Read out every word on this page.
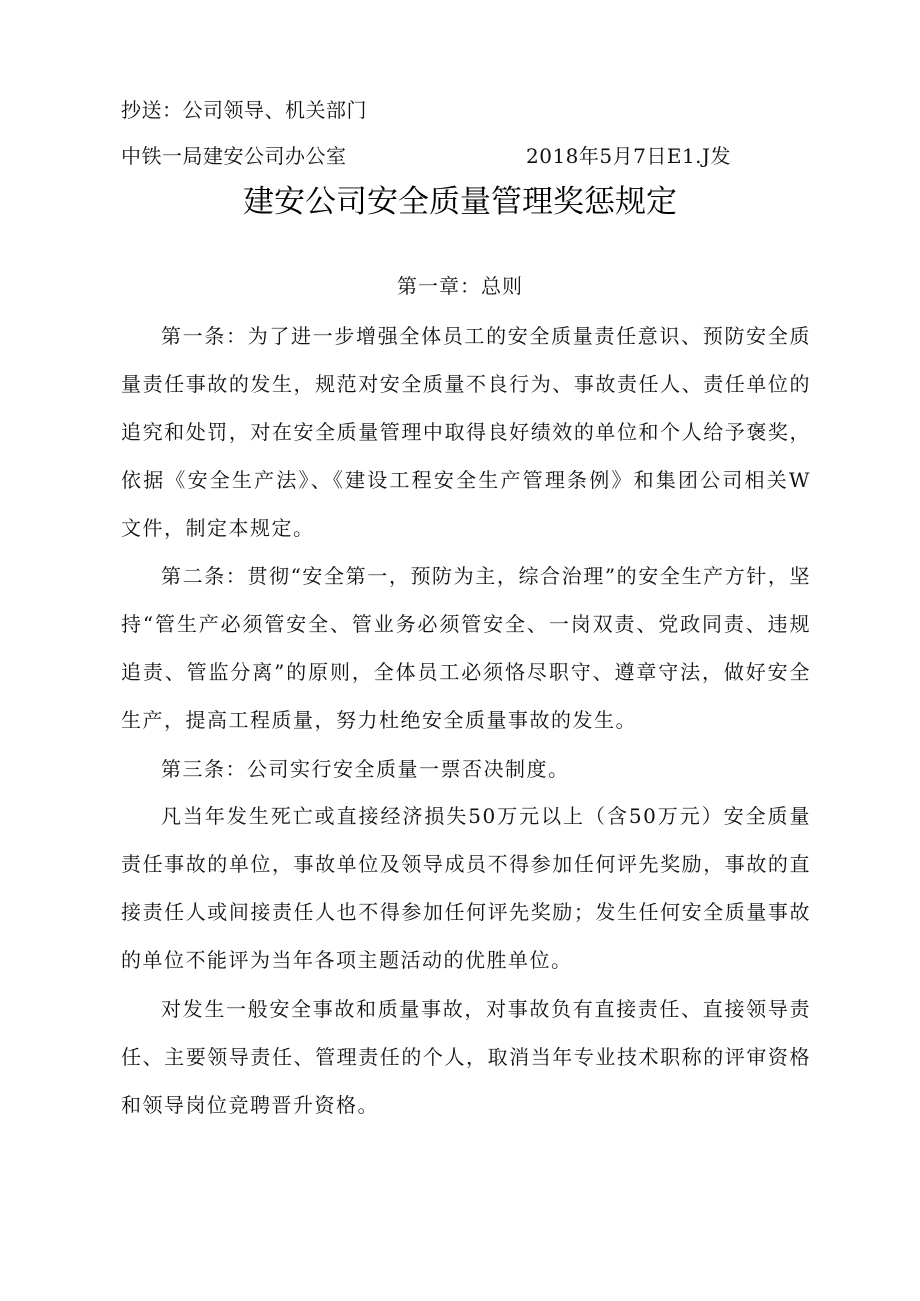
抄送：公司领导、机关部门
中铁一局建安公司办公室	2018年5月7日E1.J发
建安公司安全质量管理奖惩规定
第一章：总则

第一条：为了进一步增强全体员工的安全质量责任意识、预防安全质量责任事故的发生，规范对安全质量不良行为、事故责任人、责任单位的追究和处罚，对在安全质量管理中取得良好绩效的单位和个人给予褒奖，依据《安全生产法》、《建设工程安全生产管理条例》和集团公司相关W文件，制定本规定。

第二条：贯彻“安全第一，预防为主，综合治理”的安全生产方针，坚持“管生产必须管安全、管业务必须管安全、一岗双责、党政同责、违规追责、管监分离”的原则，全体员工必须恪尽职守、遵章守法，做好安全生产，提高工程质量，努力杜绝安全质量事故的发生。

第三条：公司实行安全质量一票否决制度。

凡当年发生死亡或直接经济损失50万元以上（含50万元）安全质量责任事故的单位，事故单位及领导成员不得参加任何评先奖励，事故的直接责任人或间接责任人也不得参加任何评先奖励；发生任何安全质量事故的单位不能评为当年各项主题活动的优胜单位。

对发生一般安全事故和质量事故，对事故负有直接责任、直接领导责任、主要领导责任、管理责任的个人，取消当年专业技术职称的评审资格和领导岗位竞聘晋升资格。
